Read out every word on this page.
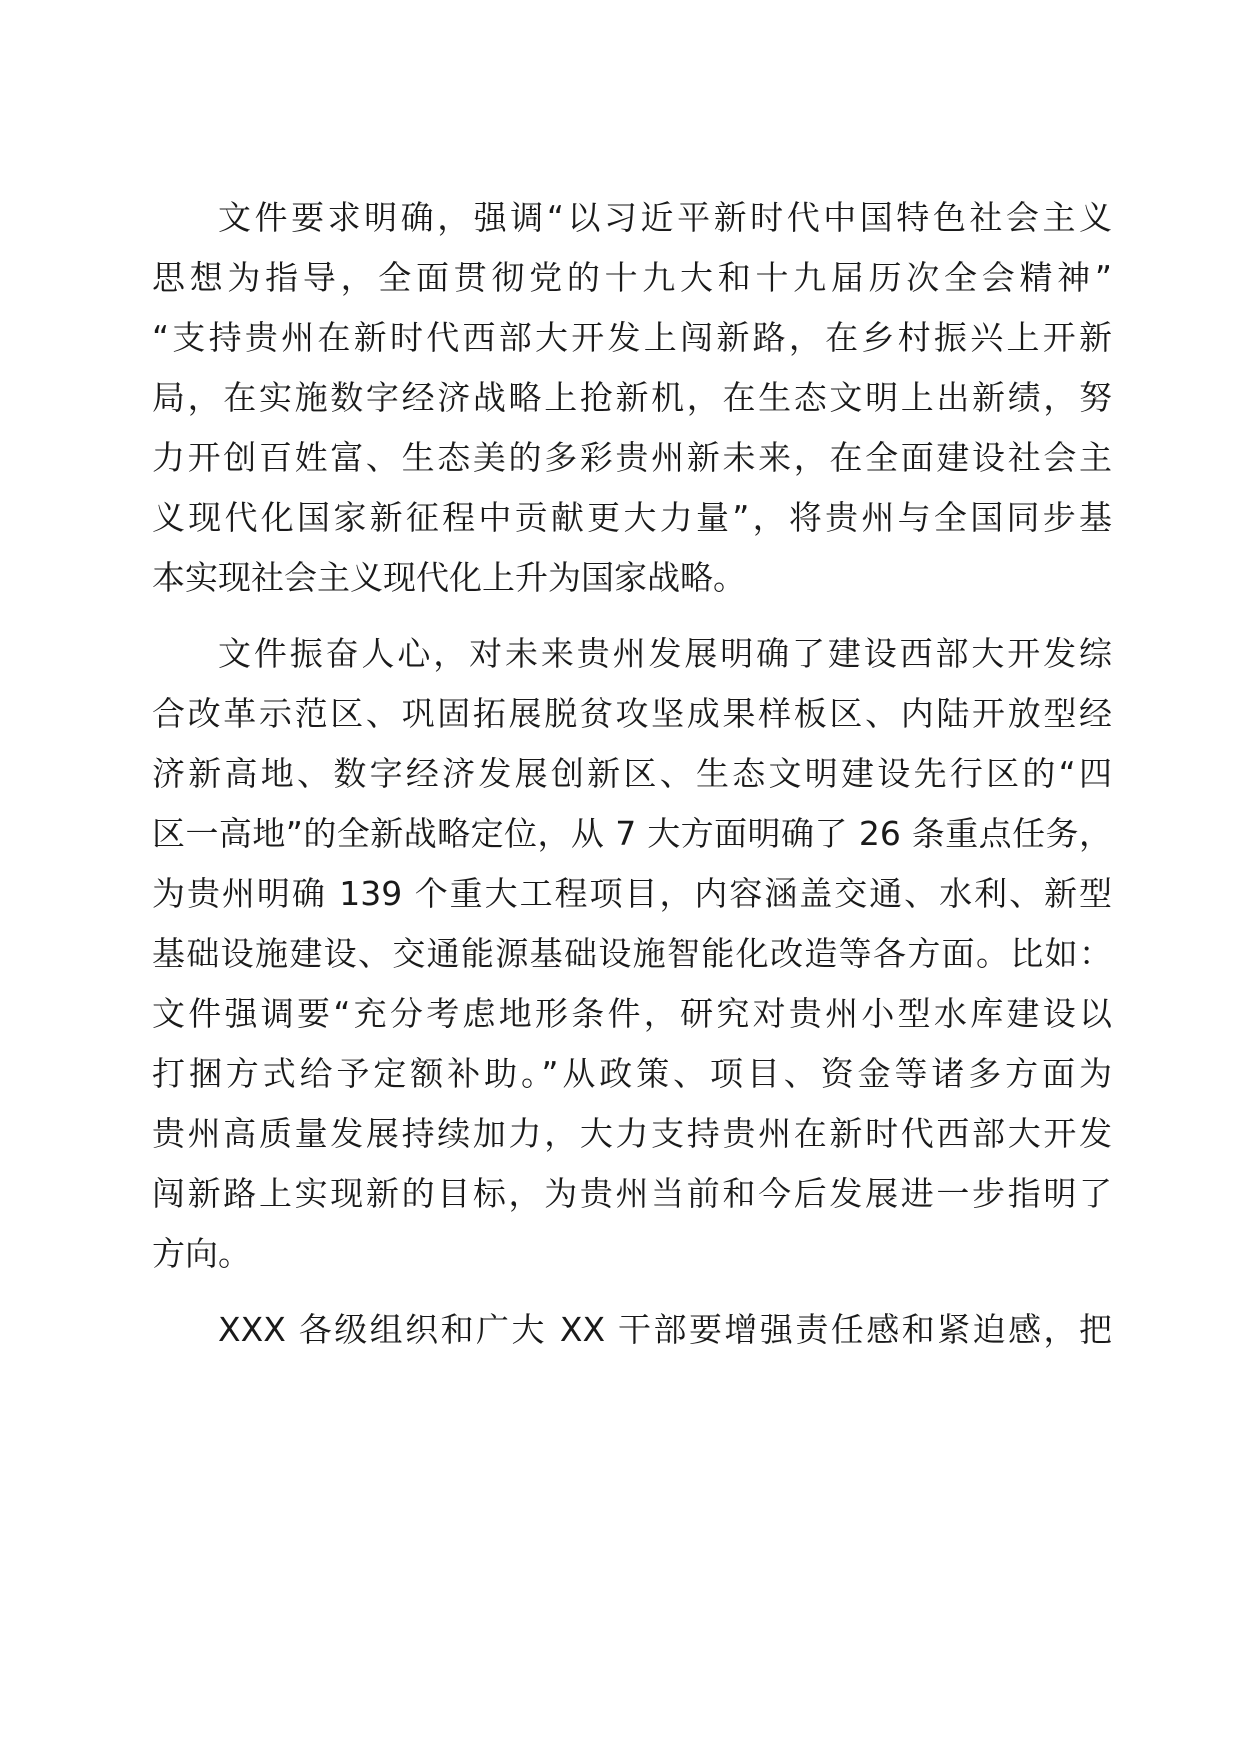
文件要求明确，强调“以习近平新时代中国特色社会主义
思想为指导，全面贯彻党的十九大和十九届历次全会精神”
“支持贵州在新时代西部大开发上闯新路，在乡村振兴上开新
局，在实施数字经济战略上抢新机，在生态文明上出新绩，努
力开创百姓富、生态美的多彩贵州新未来，在全面建设社会主
义现代化国家新征程中贡献更大力量”，将贵州与全国同步基
本实现社会主义现代化上升为国家战略。
文件振奋人心，对未来贵州发展明确了建设西部大开发综
合改革示范区、巩固拓展脱贫攻坚成果样板区、内陆开放型经
济新高地、数字经济发展创新区、生态文明建设先行区的“四
区一高地”的全新战略定位，从 7 大方面明确了 26 条重点任务，
为贵州明确 139 个重大工程项目，内容涵盖交通、水利、新型
基础设施建设、交通能源基础设施智能化改造等各方面。比如：
文件强调要“充分考虑地形条件，研究对贵州小型水库建设以
打捆方式给予定额补助。”从政策、项目、资金等诸多方面为
贵州高质量发展持续加力，大力支持贵州在新时代西部大开发
闯新路上实现新的目标，为贵州当前和今后发展进一步指明了
方向。
XXX 各级组织和广大 XX 干部要增强责任感和紧迫感，把
